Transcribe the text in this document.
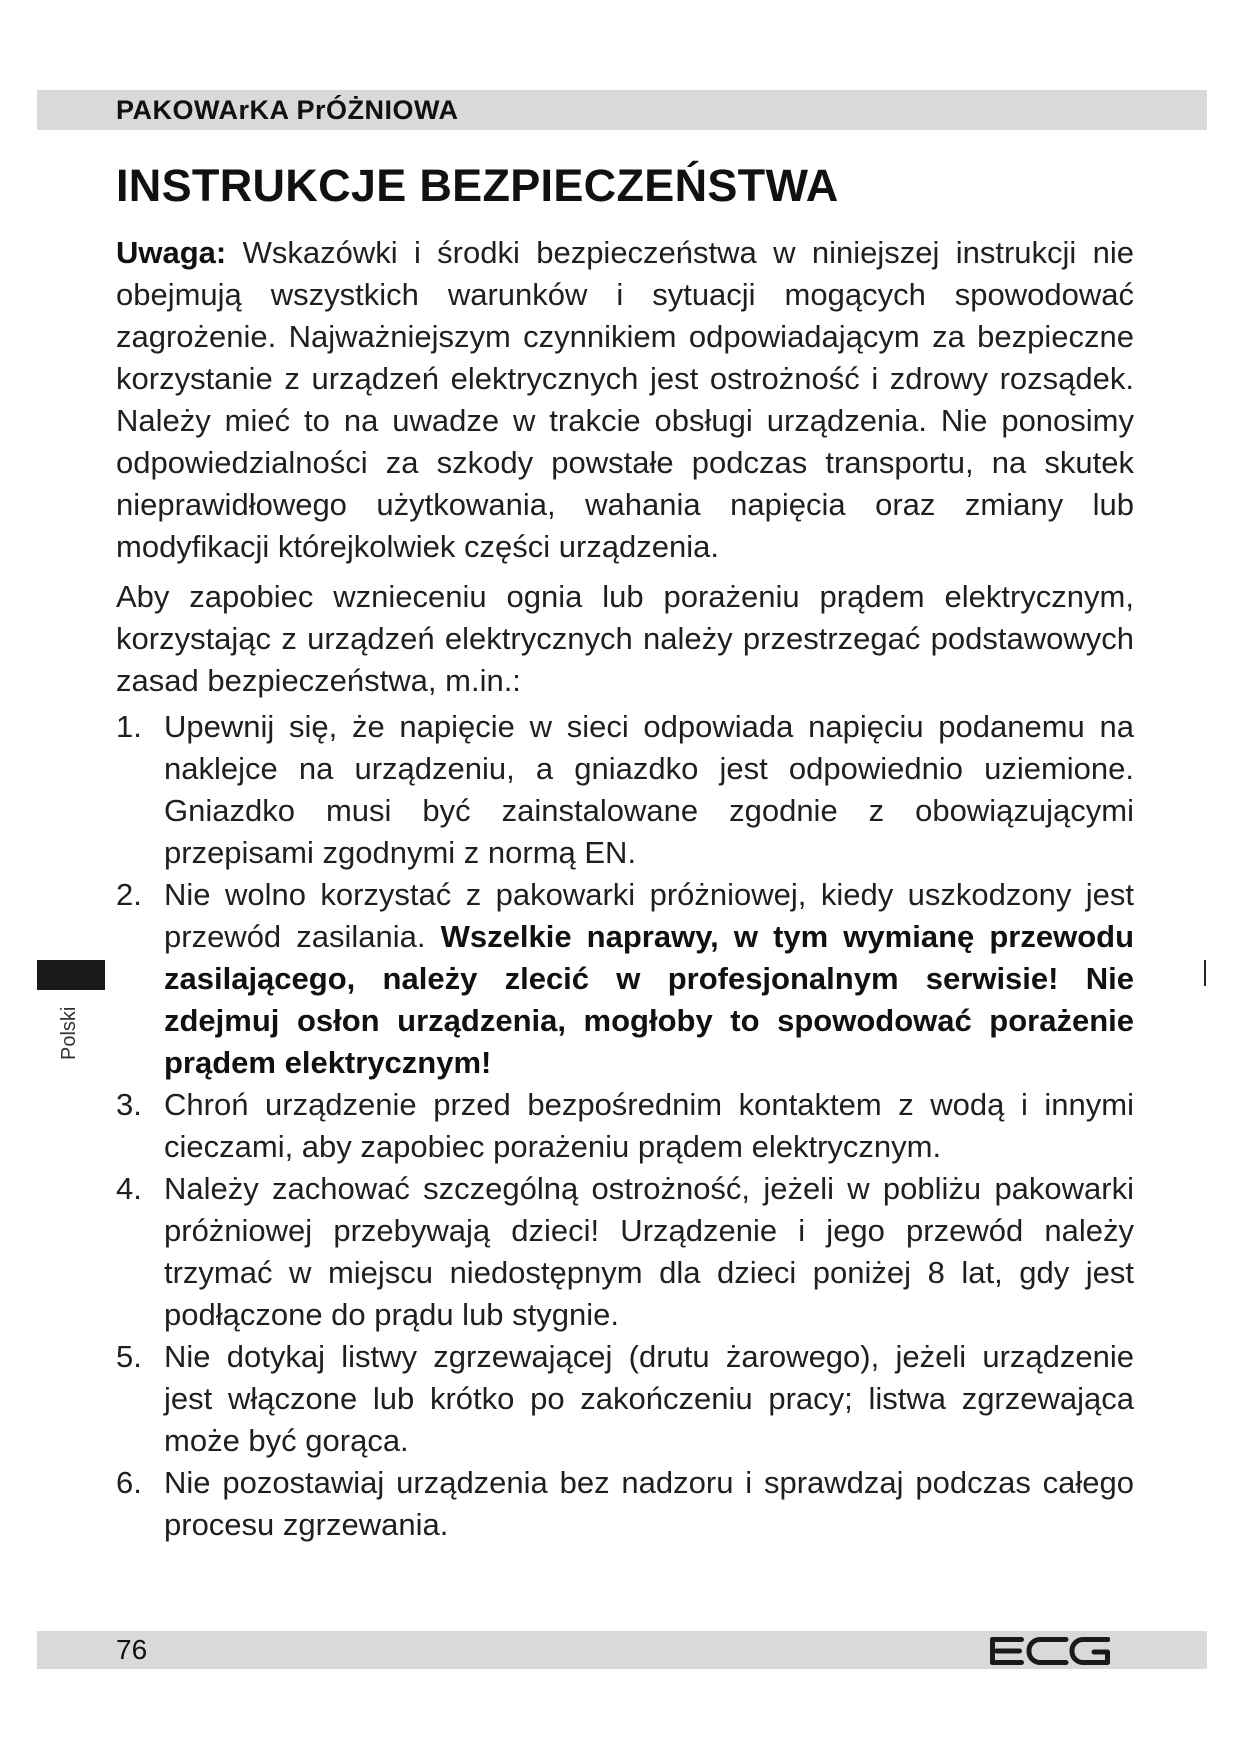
PAKOWArKA PrÓŻNIOWA
INSTRUKCJE BEZPIECZEŃSTWA

Uwaga: Wskazówki i środki bezpieczeństwa w niniejszej instrukcji nie obejmują wszystkich warunków i sytuacji mogących spowodować zagrożenie. Najważniejszym czynnikiem odpowiadającym za bezpieczne korzystanie z urządzeń elektrycznych jest ostrożność i zdrowy rozsądek. Należy mieć to na uwadze w trakcie obsługi urządzenia. Nie ponosimy odpowiedzialności za szkody powstałe podczas transportu, na skutek nieprawidłowego użytkowania, wahania napięcia oraz zmiany lub modyfikacji którejkolwiek części urządzenia.

Aby zapobiec wznieceniu ognia lub porażeniu prądem elektrycznym, korzystając z urządzeń elektrycznych należy przestrzegać podstawowych zasad bezpieczeństwa, m.in.:

1. Upewnij się, że napięcie w sieci odpowiada napięciu podanemu na naklejce na urządzeniu, a gniazdko jest odpowiednio uziemione. Gniazdko musi być zainstalowane zgodnie z obowiązującymi przepisami zgodnymi z normą EN.
2. Nie wolno korzystać z pakowarki próżniowej, kiedy uszkodzony jest przewód zasilania. Wszelkie naprawy, w tym wymianę przewodu zasilającego, należy zlecić w profesjonalnym serwisie! Nie zdejmuj osłon urządzenia, mogłoby to spowodować porażenie prądem elektrycznym!
3. Chroń urządzenie przed bezpośrednim kontaktem z wodą i innymi cieczami, aby zapobiec porażeniu prądem elektrycznym.
4. Należy zachować szczególną ostrożność, jeżeli w pobliżu pakowarki próżniowej przebywają dzieci! Urządzenie i jego przewód należy trzymać w miejscu niedostępnym dla dzieci poniżej 8 lat, gdy jest podłączone do prądu lub stygnie.
5. Nie dotykaj listwy zgrzewającej (drutu żarowego), jeżeli urządzenie jest włączone lub krótko po zakończeniu pracy; listwa zgrzewająca może być gorąca.
6. Nie pozostawiaj urządzenia bez nadzoru i sprawdzaj podczas całego procesu zgrzewania.
Polski
76
